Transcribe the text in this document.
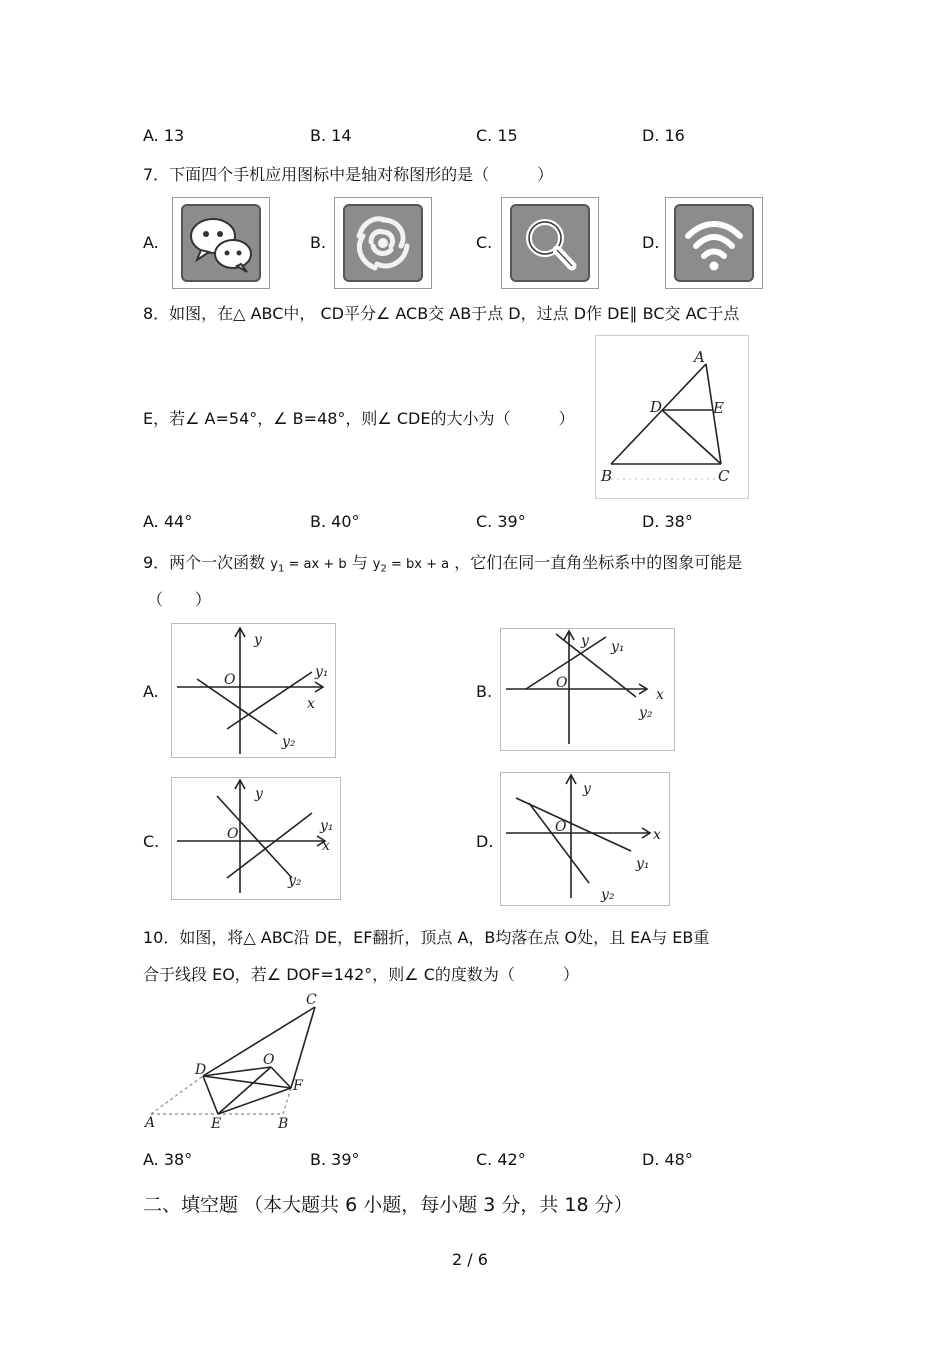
A. 13	B. 14	C. 15	D. 16
7．下面四个手机应用图标中是轴对称图形的是（　　　）
A.	B.	C.	D.
8．如图，在△ ABC中， CD平分∠ ACB交 AB于点 D，过点 D作 DE∥ BC交 AC于点
E，若∠ A=54°，∠ B=48°，则∠ CDE的大小为（　　　）
A
B	C
D	E
A. 44°	B. 40°	C. 39°	D. 38°
9．两个一次函数 $y_1$ = ax + b 与 $y_2$ = bx + a ，它们在同一直角坐标系中的图象可能是
（　　）
A.
y
O
x
y₁
y₂
B.
y
O
x
y₁
y₂
C.
y
O
x
y₁
y₂
D.
y
O	x
y₁
y₂
10．如图，将△ ABC沿 DE，EF翻折，顶点 A，B均落在点 O处，且 EA与 EB重
合于线段 EO，若∠ DOF=142°，则∠ C的度数为（　　　）
C
D
O
F
A	E	B
A. 38°	B. 39°	C. 42°	D. 48°
二、填空题 （本大题共 6 小题，每小题 3 分，共 18 分）
2 / 6
